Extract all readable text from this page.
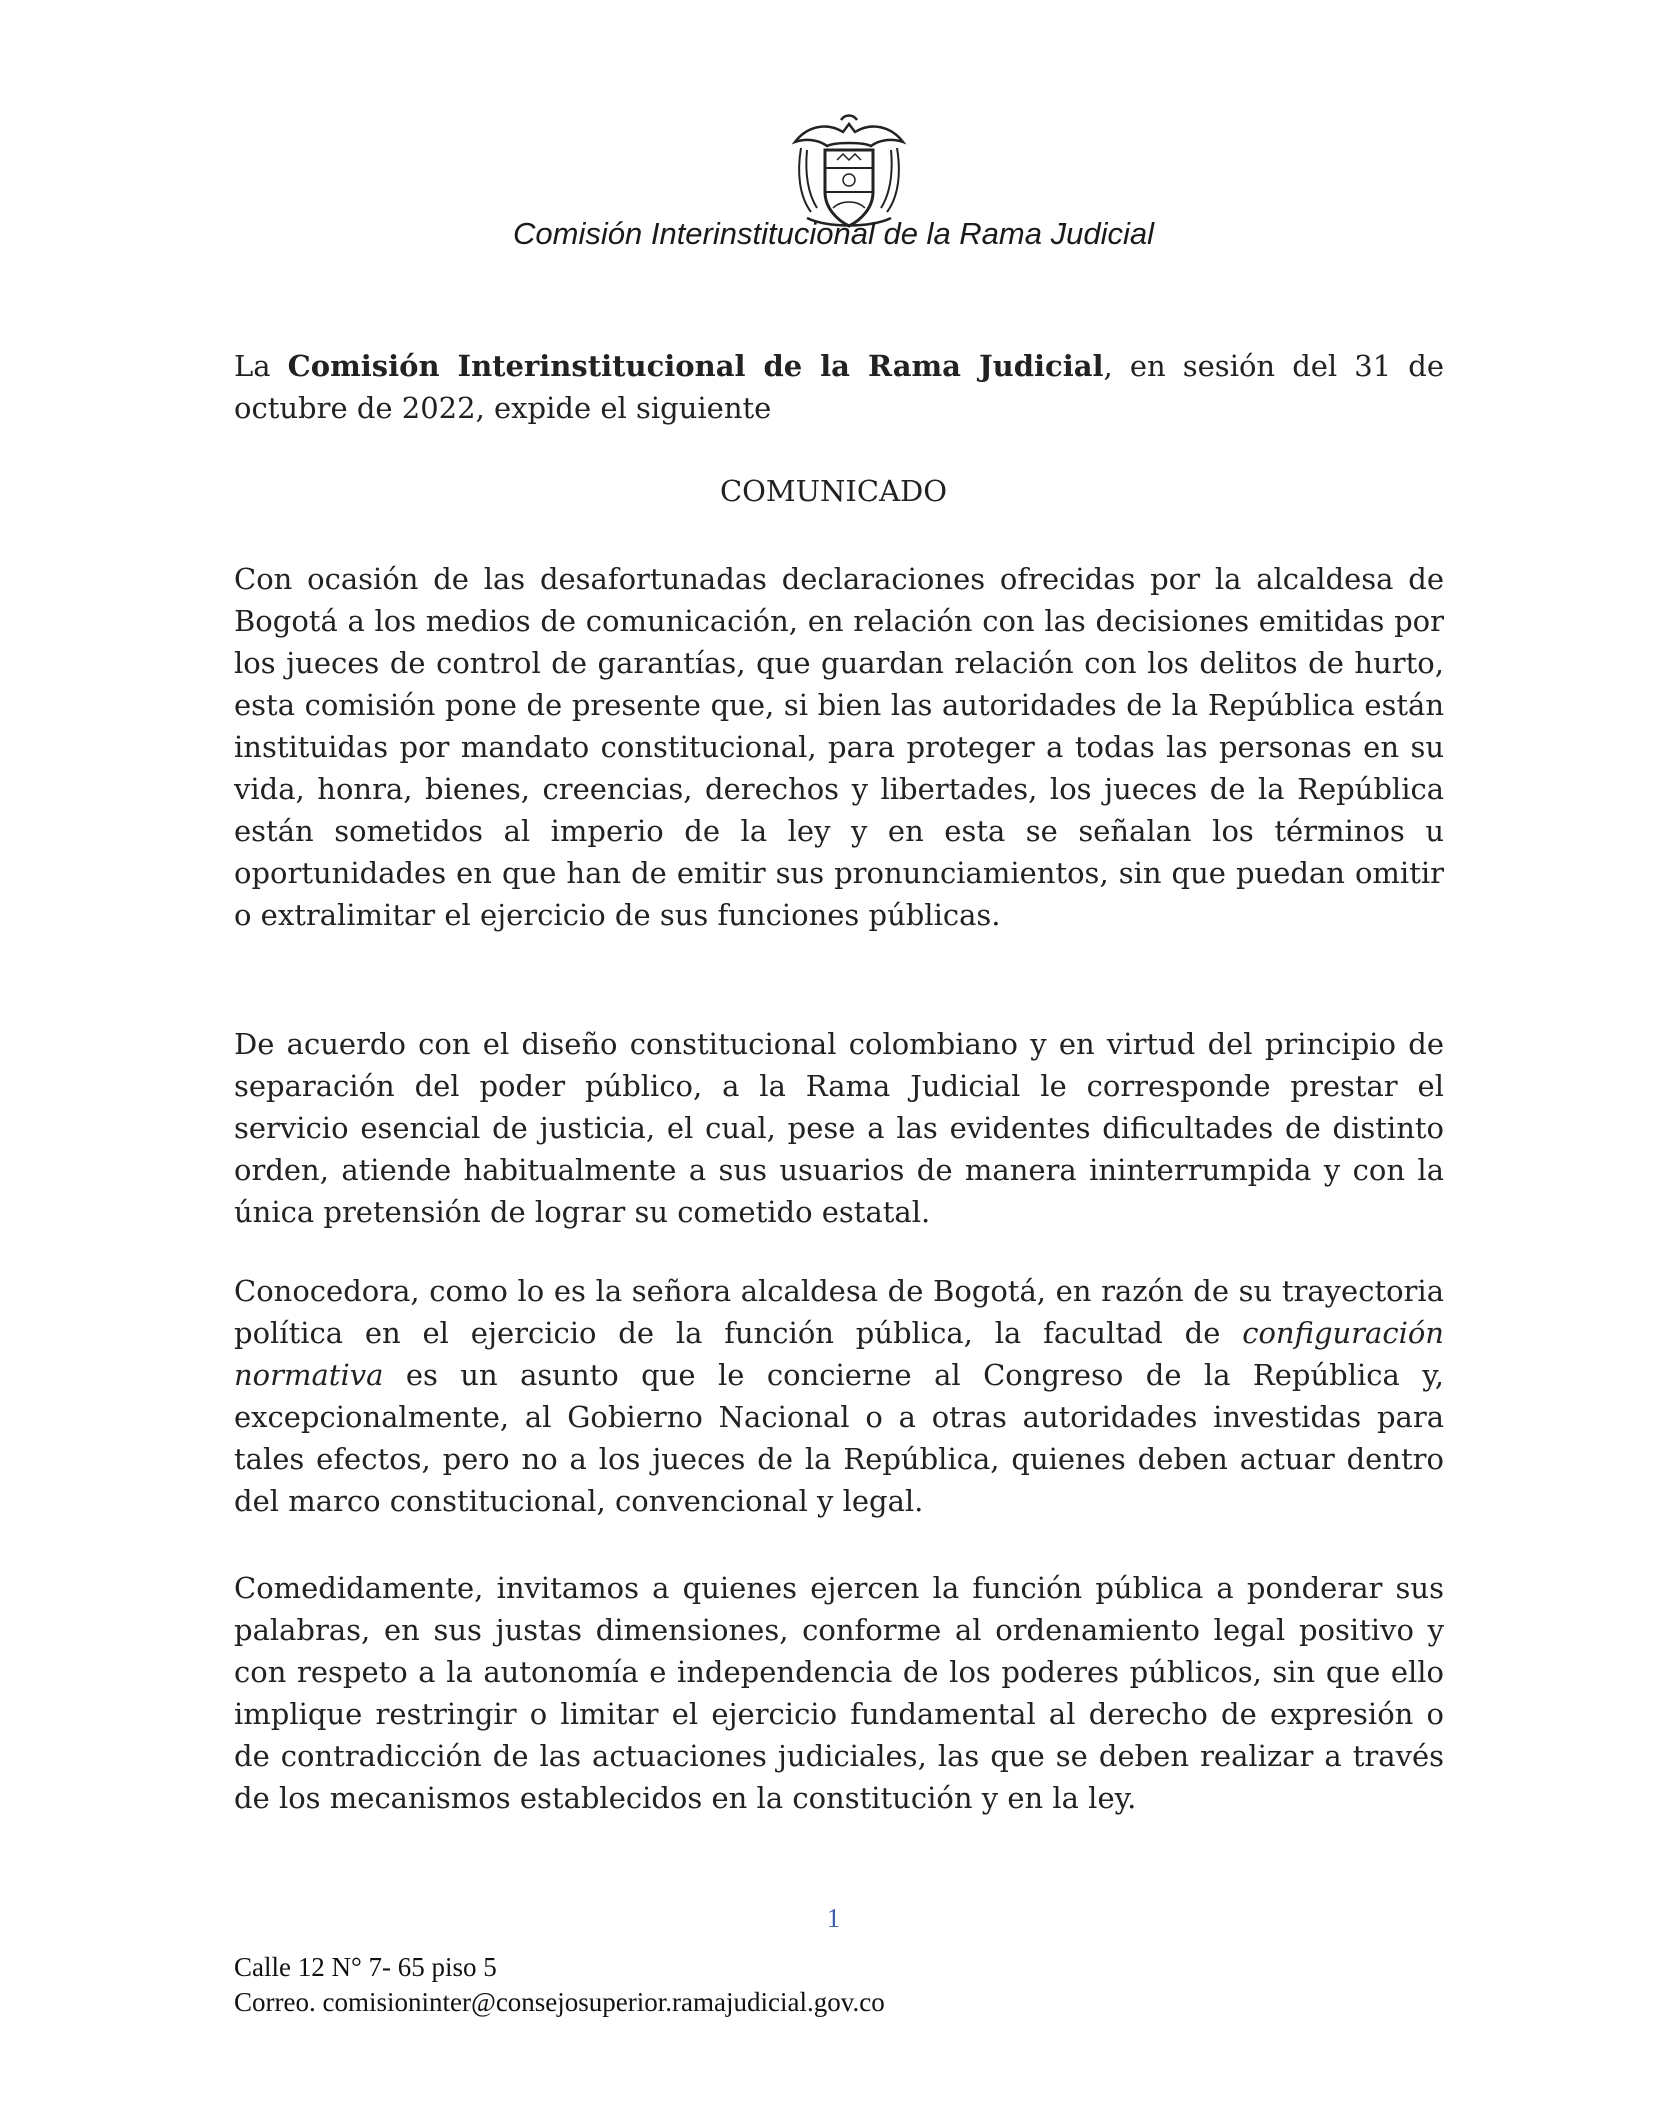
Comisión Interinstitucional de la Rama Judicial

La Comisión Interinstitucional de la Rama Judicial, en sesión del 31 de octubre de 2022, expide el siguiente

COMUNICADO

Con ocasión de las desafortunadas declaraciones ofrecidas por la alcaldesa de Bogotá a los medios de comunicación, en relación con las decisiones emitidas por los jueces de control de garantías, que guardan relación con los delitos de hurto, esta comisión pone de presente que, si bien las autoridades de la República están instituidas por mandato constitucional, para proteger a todas las personas en su vida, honra, bienes, creencias, derechos y libertades, los jueces de la República están sometidos al imperio de la ley y en esta se señalan los términos u oportunidades en que han de emitir sus pronunciamientos, sin que puedan omitir o extralimitar el ejercicio de sus funciones públicas.

De acuerdo con el diseño constitucional colombiano y en virtud del principio de separación del poder público, a la Rama Judicial le corresponde prestar el servicio esencial de justicia, el cual, pese a las evidentes dificultades de distinto orden, atiende habitualmente a sus usuarios de manera ininterrumpida y con la única pretensión de lograr su cometido estatal.

Conocedora, como lo es la señora alcaldesa de Bogotá, en razón de su trayectoria política en el ejercicio de la función pública, la facultad de configuración normativa es un asunto que le concierne al Congreso de la República y, excepcionalmente, al Gobierno Nacional o a otras autoridades investidas para tales efectos, pero no a los jueces de la República, quienes deben actuar dentro del marco constitucional, convencional y legal.

Comedidamente, invitamos a quienes ejercen la función pública a ponderar sus palabras, en sus justas dimensiones, conforme al ordenamiento legal positivo y con respeto a la autonomía e independencia de los poderes públicos, sin que ello implique restringir o limitar el ejercicio fundamental al derecho de expresión o de contradicción de las actuaciones judiciales, las que se deben realizar a través de los mecanismos establecidos en la constitución y en la ley.

1
Calle 12 N° 7- 65 piso 5
Correo. comisioninter@consejosuperior.ramajudicial.gov.co
